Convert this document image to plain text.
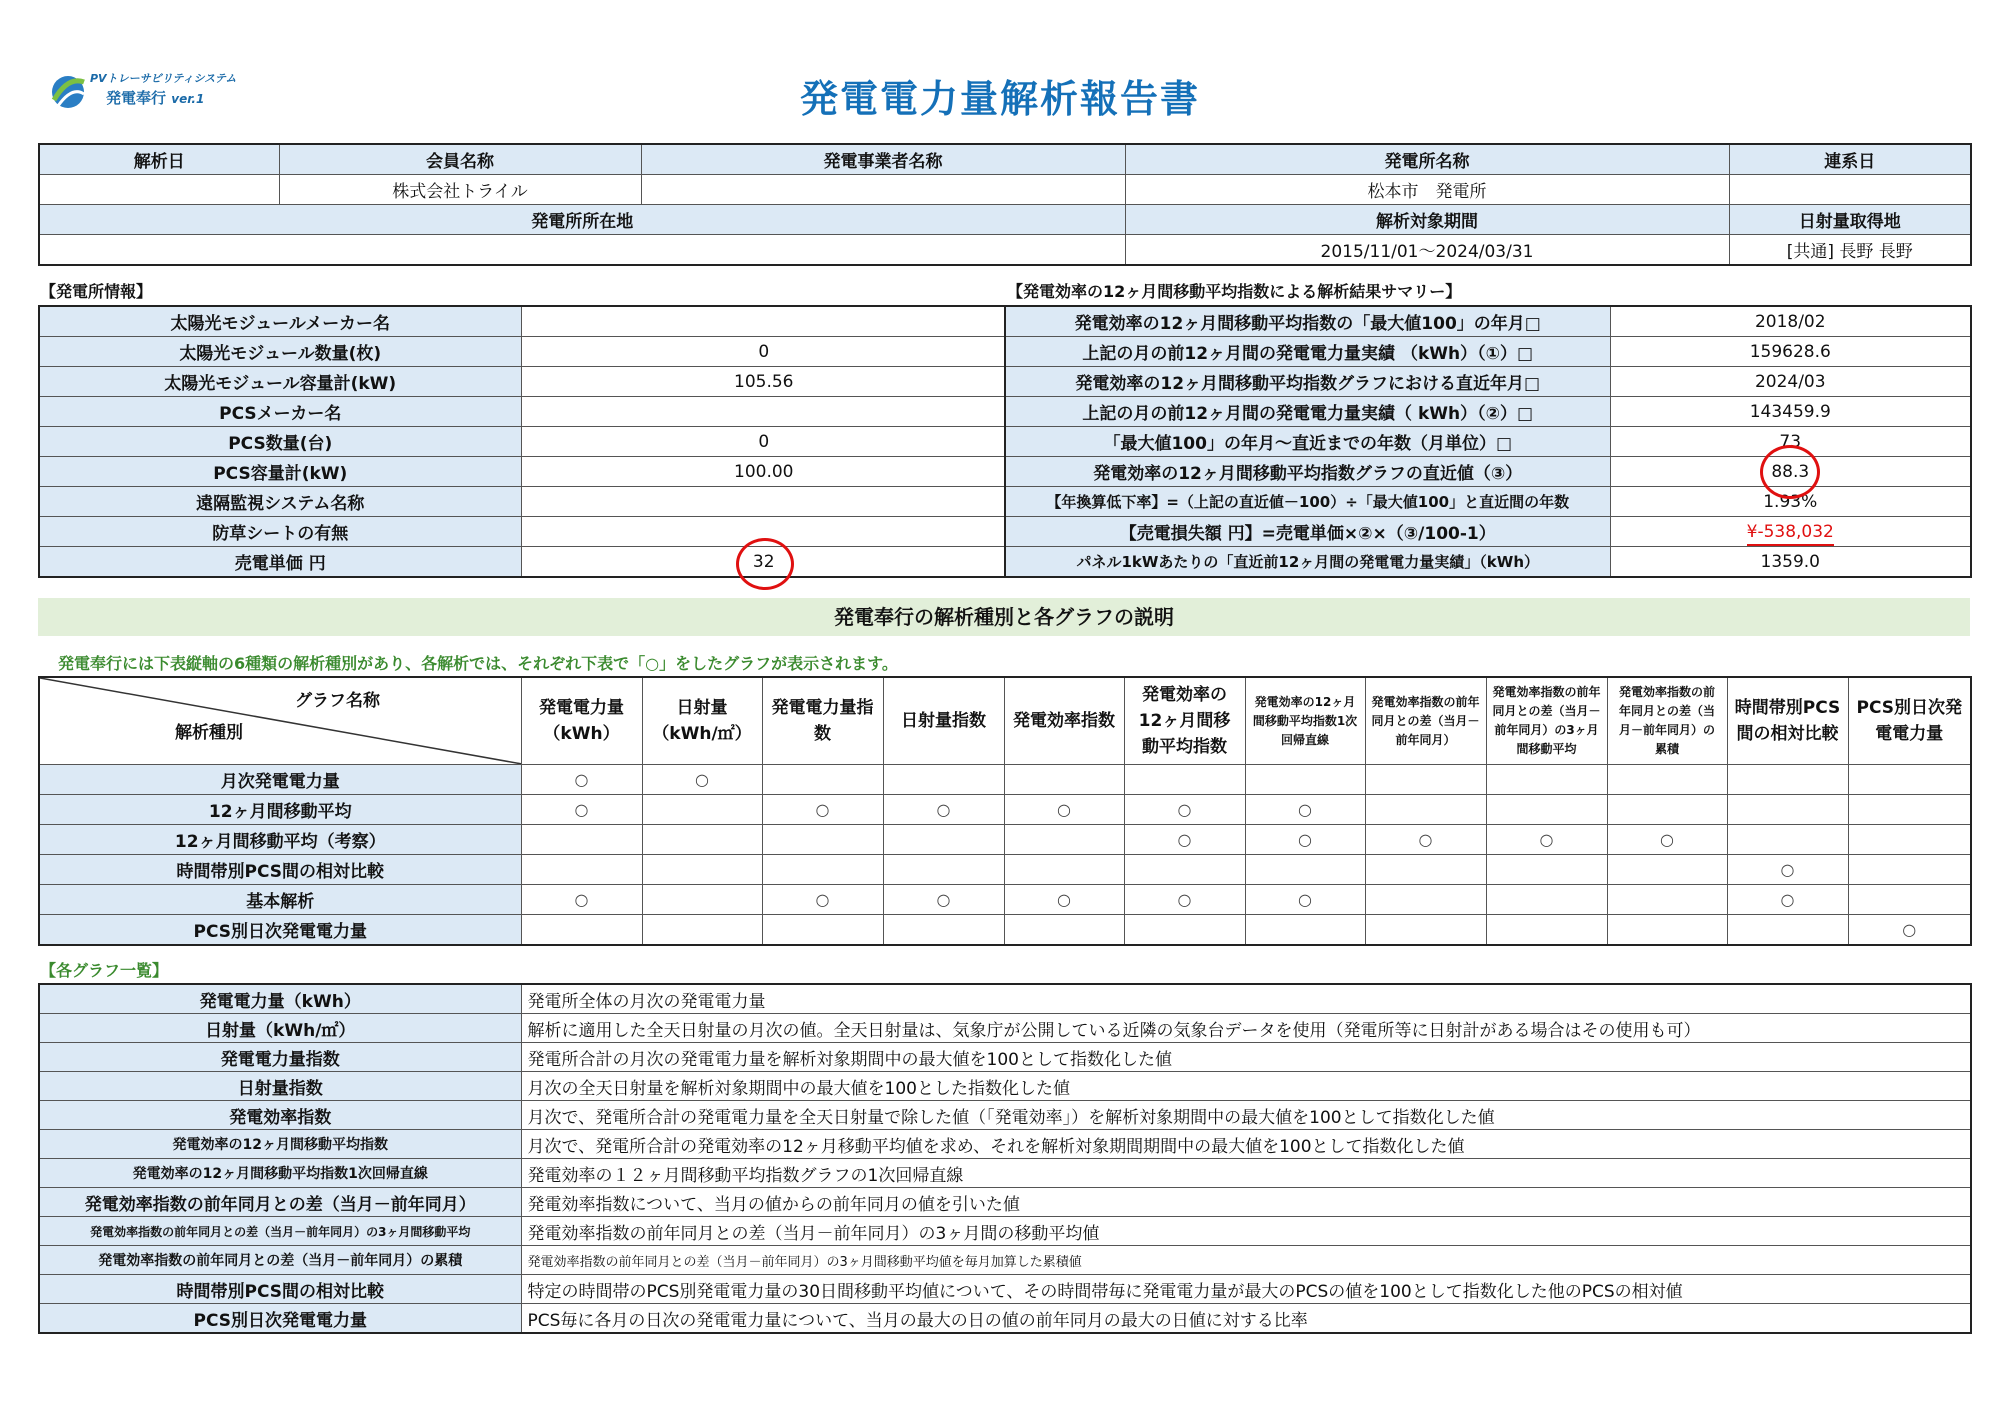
PVトレーサビリティシステム
発電奉行 ver.1	発電電力量解析報告書
解析日	会員名称	発電事業者名称	発電所名称	連系日
	株式会社トライル		松本市　発電所	
発電所所在地			解析対象期間	日射量取得地
			2015/11/01～2024/03/31	[共通] 長野 長野
【発電所情報】	【発電効率の12ヶ月間移動平均指数による解析結果サマリー】
太陽光モジュールメーカー名	
太陽光モジュール数量(枚)	0
太陽光モジュール容量計(kW)	105.56
PCSメーカー名	
PCS数量(台)	0
PCS容量計(kW)	100.00
遠隔監視システム名称	
防草シートの有無	
売電単価 円	32
発電効率の12ヶ月間移動平均指数の「最大値100」の年月□	2018/02
上記の月の前12ヶ月間の発電電力量実績 （kWh）（①）□	159628.6
発電効率の12ヶ月間移動平均指数グラフにおける直近年月□	2024/03
上記の月の前12ヶ月間の発電電力量実績（ kWh）（②）□	143459.9
「最大値100」の年月～直近までの年数（月単位）□	73
発電効率の12ヶ月間移動平均指数グラフの直近値（③）	88.3
【年換算低下率】=（上記の直近値－100）÷「最大値100」と直近間の年数	1.93%
【売電損失額 円】=売電単価×②×（③/100-1）	¥-538,032
パネル1kWあたりの「直近前12ヶ月間の発電電力量実績」（kWh）	1359.0
発電奉行の解析種別と各グラフの説明
発電奉行には下表縦軸の6種類の解析種別があり、各解析では、それぞれ下表で「○」をしたグラフが表示されます。
グラフ名称
解析種別	発電電力量（kWh）	日射量（kWh/㎡）	発電電力量指数	日射量指数	発電効率指数	発電効率の12ヶ月間移動平均指数	発電効率の12ヶ月間移動平均指数1次回帰直線	発電効率指数の前年同月との差（当月－前年同月）	発電効率指数の前年同月との差（当月－前年同月）の3ヶ月間移動平均	発電効率指数の前年同月との差（当月－前年同月）の累積	時間帯別PCS間の相対比較	PCS別日次発電電力量
月次発電電力量	○	○										
12ヶ月間移動平均	○		○	○	○	○	○					
12ヶ月間移動平均（考察）						○	○	○	○	○		
時間帯別PCS間の相対比較											○	
基本解析	○		○	○	○	○	○				○	
PCS別日次発電電力量												○
【各グラフ一覧】
発電電力量（kWh）	発電所全体の月次の発電電力量
日射量（kWh/㎡）	解析に適用した全天日射量の月次の値。全天日射量は、気象庁が公開している近隣の気象台データを使用（発電所等に日射計がある場合はその使用も可）
発電電力量指数	発電所合計の月次の発電電力量を解析対象期間中の最大値を100として指数化した値
日射量指数	月次の全天日射量を解析対象期間中の最大値を100とした指数化した値
発電効率指数	月次で、発電所合計の発電電力量を全天日射量で除した値（「発電効率」）を解析対象期間中の最大値を100として指数化した値
発電効率の12ヶ月間移動平均指数	月次で、発電所合計の発電効率の12ヶ月移動平均値を求め、それを解析対象期間期間中の最大値を100として指数化した値
発電効率の12ヶ月間移動平均指数1次回帰直線	発電効率の１２ヶ月間移動平均指数グラフの1次回帰直線
発電効率指数の前年同月との差（当月－前年同月）	発電効率指数について、当月の値からの前年同月の値を引いた値
発電効率指数の前年同月との差（当月－前年同月）の3ヶ月間移動平均	発電効率指数の前年同月との差（当月－前年同月）の3ヶ月間の移動平均値
発電効率指数の前年同月との差（当月－前年同月）の累積	発電効率指数の前年同月との差（当月－前年同月）の3ヶ月間移動平均値を毎月加算した累積値
時間帯別PCS間の相対比較	特定の時間帯のPCS別発電電力量の30日間移動平均値について、その時間帯毎に発電電力量が最大のPCSの値を100として指数化した他のPCSの相対値
PCS別日次発電電力量	PCS毎に各月の日次の発電電力量について、当月の最大の日の値の前年同月の最大の日値に対する比率
